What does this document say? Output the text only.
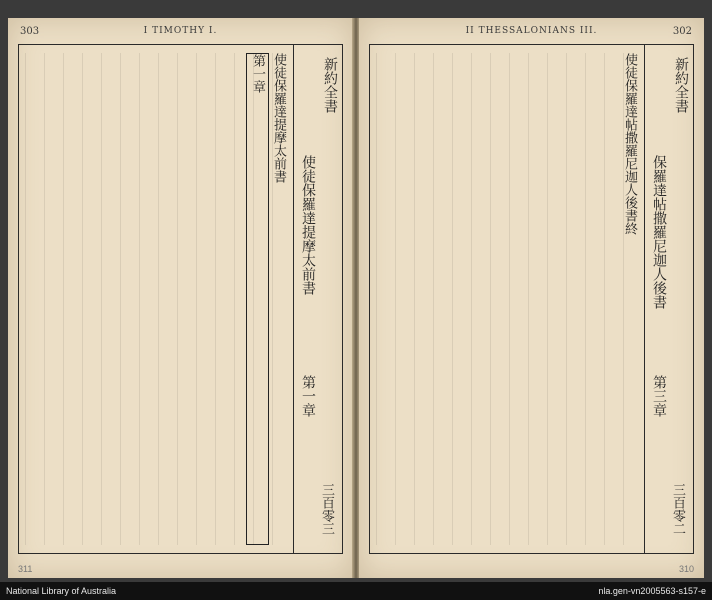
303	I TIMOTHY I.
新約全書
使徒保羅達提摩太前書
第一章
三百零三
使徒保羅達提摩太前書
第一章
311
II THESSALONIANS III.	302
新約全書
保羅達帖撒羅尼迦人後書
第三章
三百零二
使徒保羅達帖撒羅尼迦人後書終
310
National Library of Australia	nla.gen-vn2005563-s157-e
